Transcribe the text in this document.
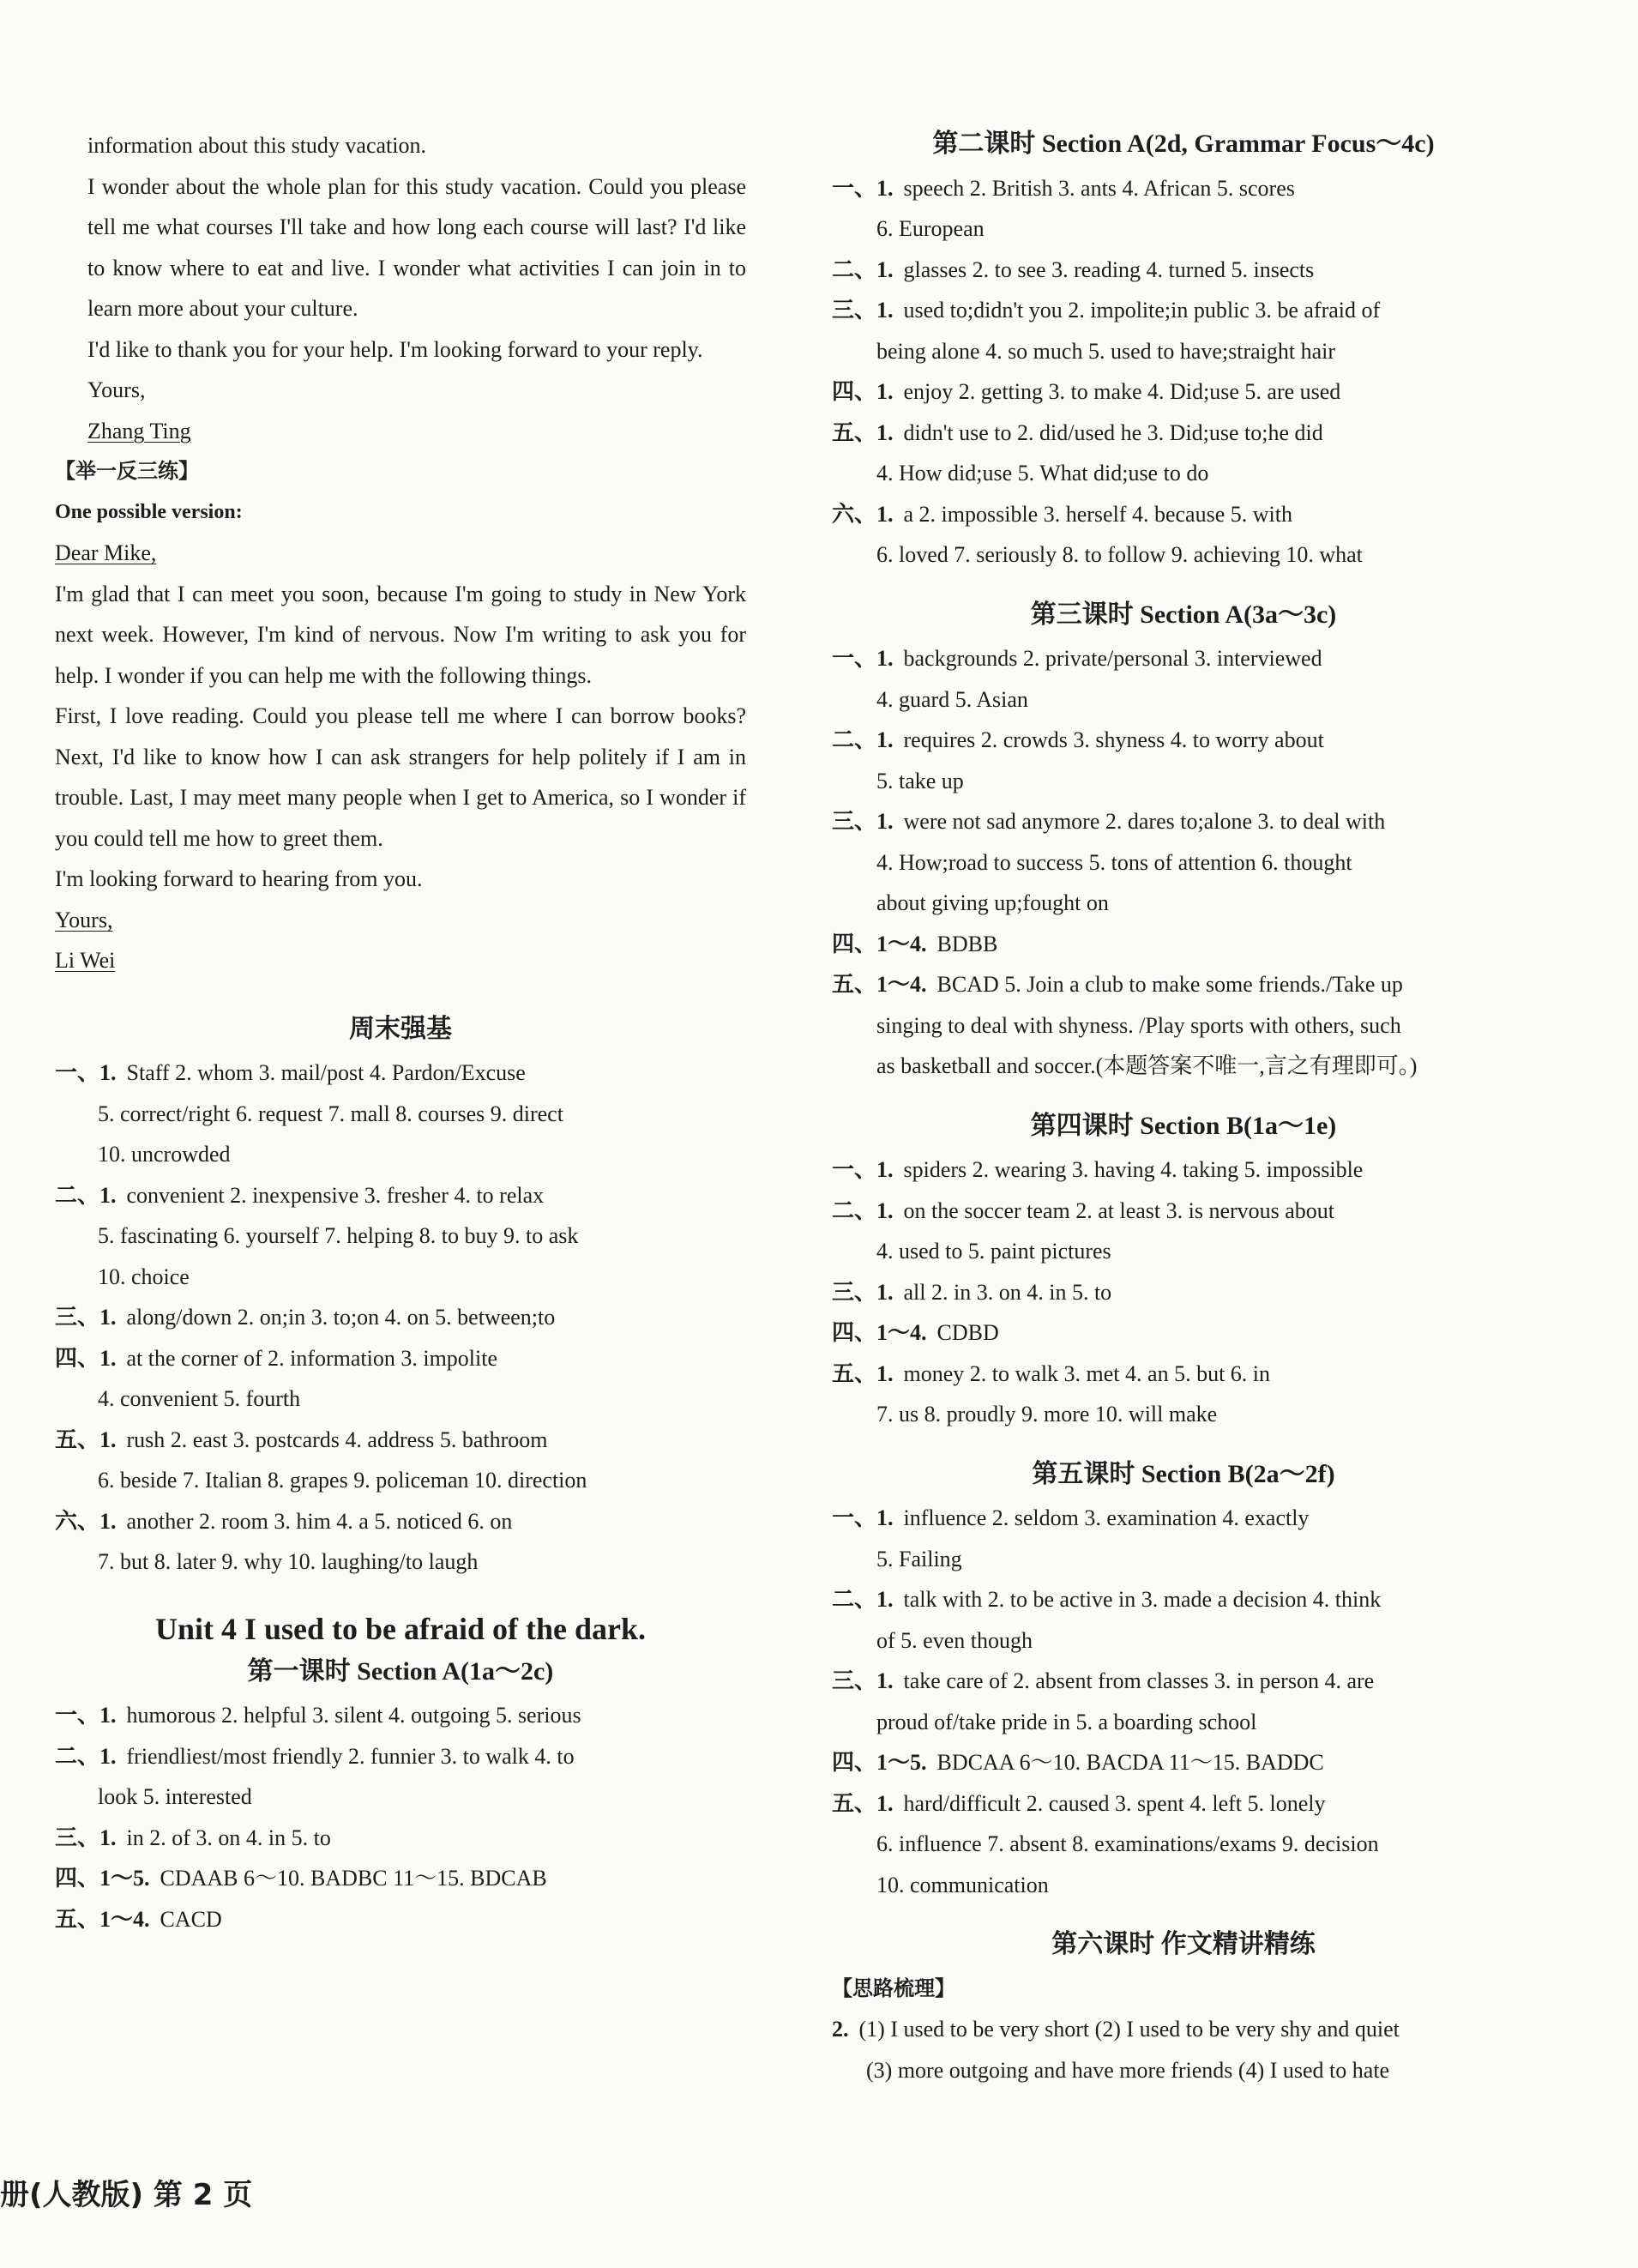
information about this study vacation.

I wonder about the whole plan for this study vacation. Could you please tell me what courses I'll take and how long each course will last? I'd like to know where to eat and live. I wonder what activities I can join in to learn more about your culture.

I'd like to thank you for your help. I'm looking forward to your reply.

Yours,

Zhang Ting

【举一反三练】

One possible version:

Dear Mike,

I'm glad that I can meet you soon, because I'm going to study in New York next week. However, I'm kind of nervous. Now I'm writing to ask you for help. I wonder if you can help me with the following things.

First, I love reading. Could you please tell me where I can borrow books? Next, I'd like to know how I can ask strangers for help politely if I am in trouble. Last, I may meet many people when I get to America, so I wonder if you could tell me how to greet them.

I'm looking forward to hearing from you.

Yours,

Li Wei

周末强基
一、1. Staff 2. whom 3. mail/post 4. Pardon/Excuse

5. correct/right 6. request 7. mall 8. courses 9. direct

10. uncrowded

二、1. convenient 2. inexpensive 3. fresher 4. to relax

5. fascinating 6. yourself 7. helping 8. to buy 9. to ask

10. choice

三、1. along/down 2. on;in 3. to;on 4. on 5. between;to
四、1. at the corner of 2. information 3. impolite

4. convenient 5. fourth

五、1. rush 2. east 3. postcards 4. address 5. bathroom

6. beside 7. Italian 8. grapes 9. policeman 10. direction

六、1. another 2. room 3. him 4. a 5. noticed 6. on

7. but 8. later 9. why 10. laughing/to laugh

Unit 4 I used to be afraid of the dark.
第一课时 Section A(1a～2c)
一、1. humorous 2. helpful 3. silent 4. outgoing 5. serious
二、1. friendliest/most friendly 2. funnier 3. to walk 4. to

look 5. interested

三、1. in 2. of 3. on 4. in 5. to
四、1～5. CDAAB 6～10. BADBC 11～15. BDCAB
五、1～4. CACD
第二课时 Section A(2d, Grammar Focus～4c)
一、1. speech 2. British 3. ants 4. African 5. scores

6. European

二、1. glasses 2. to see 3. reading 4. turned 5. insects
三、1. used to;didn't you 2. impolite;in public 3. be afraid of

being alone 4. so much 5. used to have;straight hair

四、1. enjoy 2. getting 3. to make 4. Did;use 5. are used
五、1. didn't use to 2. did/used he 3. Did;use to;he did

4. How did;use 5. What did;use to do

六、1. a 2. impossible 3. herself 4. because 5. with

6. loved 7. seriously 8. to follow 9. achieving 10. what

第三课时 Section A(3a～3c)
一、1. backgrounds 2. private/personal 3. interviewed

4. guard 5. Asian

二、1. requires 2. crowds 3. shyness 4. to worry about

5. take up

三、1. were not sad anymore 2. dares to;alone 3. to deal with

4. How;road to success 5. tons of attention 6. thought

about giving up;fought on

四、1～4. BDBB
五、1～4. BCAD 5. Join a club to make some friends./Take up

singing to deal with shyness. /Play sports with others, such

as basketball and soccer.(本题答案不唯一,言之有理即可。)

第四课时 Section B(1a～1e)
一、1. spiders 2. wearing 3. having 4. taking 5. impossible
二、1. on the soccer team 2. at least 3. is nervous about

4. used to 5. paint pictures

三、1. all 2. in 3. on 4. in 5. to
四、1～4. CDBD
五、1. money 2. to walk 3. met 4. an 5. but 6. in

7. us 8. proudly 9. more 10. will make

第五课时 Section B(2a～2f)
一、1. influence 2. seldom 3. examination 4. exactly

5. Failing

二、1. talk with 2. to be active in 3. made a decision 4. think

of 5. even though

三、1. take care of 2. absent from classes 3. in person 4. are

proud of/take pride in 5. a boarding school

四、1～5. BDCAA 6～10. BACDA 11～15. BADDC
五、1. hard/difficult 2. caused 3. spent 4. left 5. lonely

6. influence 7. absent 8. examinations/exams 9. decision

10. communication

第六课时 作文精讲精练

【思路梳理】

2. (1) I used to be very short (2) I used to be very shy and quiet

(3) more outgoing and have more friends (4) I used to hate

册(人教版) 第 2 页
